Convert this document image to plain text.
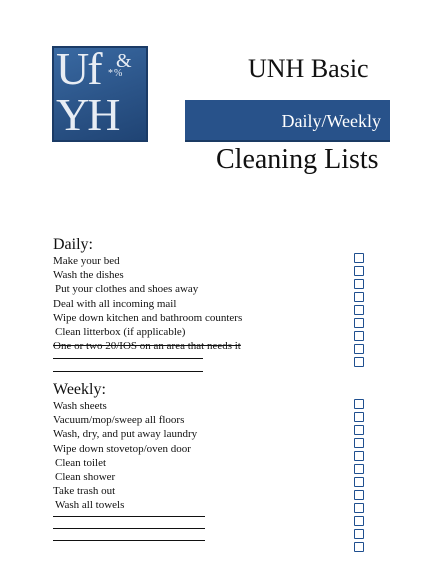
Uf &
*%
YH
UNH Basic
Daily/Weekly
Cleaning Lists
Daily:
Make your bed
Wash the dishes
Put your clothes and shoes away
Deal with all incoming mail
Wipe down kitchen and bathroom counters
Clean litterbox (if applicable)
One or two 20/IOS on an area that needs it
Weekly:
Wash sheets
Vacuum/mop/sweep all floors
Wash, dry, and put away laundry
Wipe down stovetop/oven door
Clean toilet
Clean shower
Take trash out
Wash all towels
